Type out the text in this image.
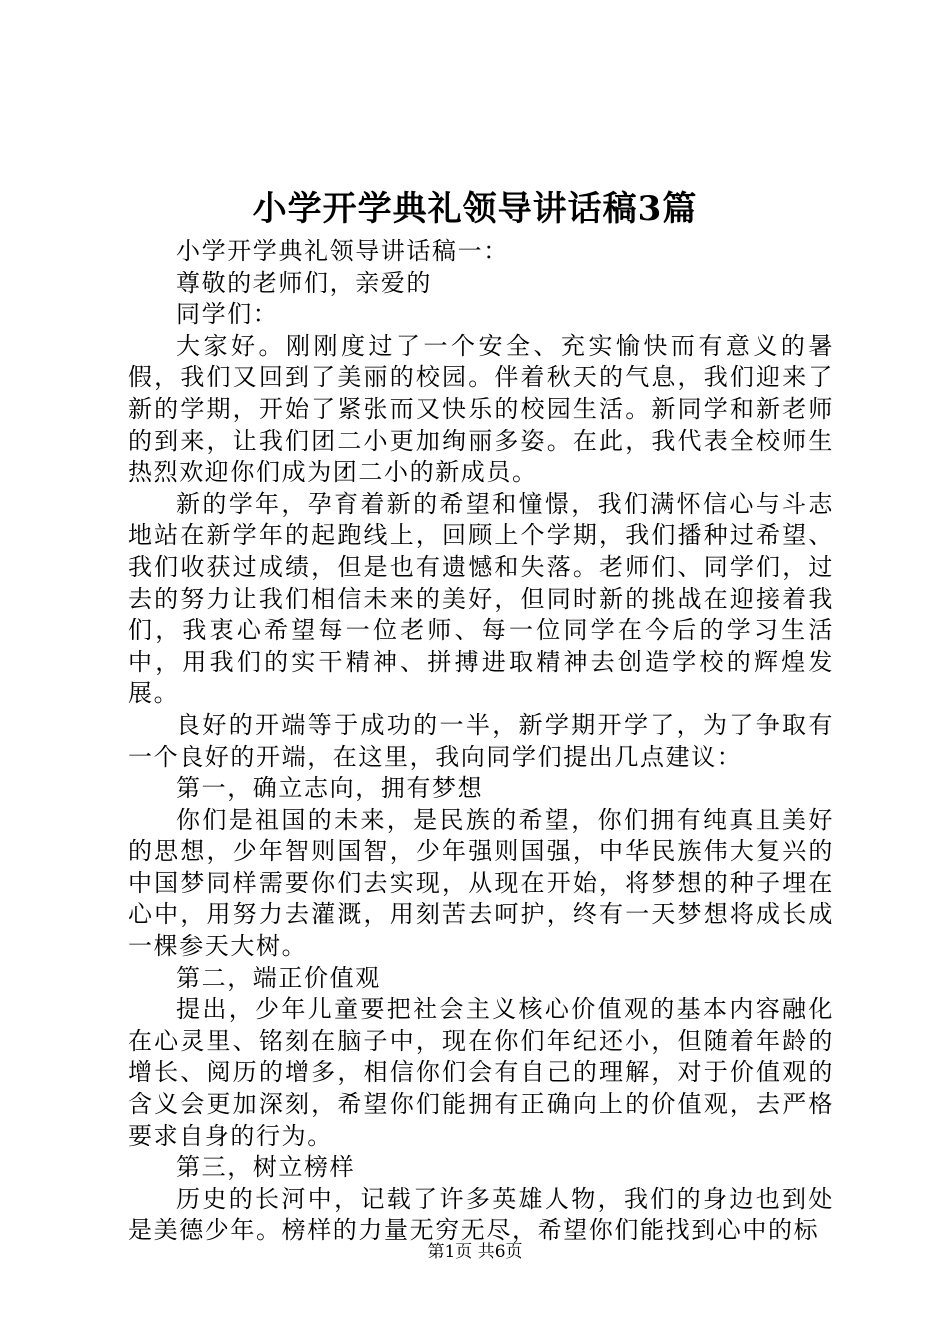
小学开学典礼领导讲话稿3篇

小学开学典礼领导讲话稿一：

尊敬的老师们，亲爱的

同学们：

大家好。刚刚度过了一个安全、充实愉快而有意义的暑假，我们又回到了美丽的校园。伴着秋天的气息，我们迎来了新的学期，开始了紧张而又快乐的校园生活。新同学和新老师的到来，让我们团二小更加绚丽多姿。在此，我代表全校师生热烈欢迎你们成为团二小的新成员。

新的学年，孕育着新的希望和憧憬，我们满怀信心与斗志地站在新学年的起跑线上，回顾上个学期，我们播种过希望、我们收获过成绩，但是也有遗憾和失落。老师们、同学们，过去的努力让我们相信未来的美好，但同时新的挑战在迎接着我们，我衷心希望每一位老师、每一位同学在今后的学习生活中，用我们的实干精神、拼搏进取精神去创造学校的辉煌发展。

良好的开端等于成功的一半，新学期开学了，为了争取有一个良好的开端，在这里，我向同学们提出几点建议：

第一，确立志向，拥有梦想

你们是祖国的未来，是民族的希望，你们拥有纯真且美好的思想，少年智则国智，少年强则国强，中华民族伟大复兴的中国梦同样需要你们去实现，从现在开始，将梦想的种子埋在心中，用努力去灌溉，用刻苦去呵护，终有一天梦想将成长成一棵参天大树。

第二，端正价值观

提出，少年儿童要把社会主义核心价值观的基本内容融化在心灵里、铭刻在脑子中，现在你们年纪还小，但随着年龄的增长、阅历的增多，相信你们会有自己的理解，对于价值观的含义会更加深刻，希望你们能拥有正确向上的价值观，去严格要求自身的行为。

第三，树立榜样

历史的长河中，记载了许多英雄人物，我们的身边也到处是美德少年。榜样的力量无穷无尽，希望你们能找到心中的标

第1页 共6页
